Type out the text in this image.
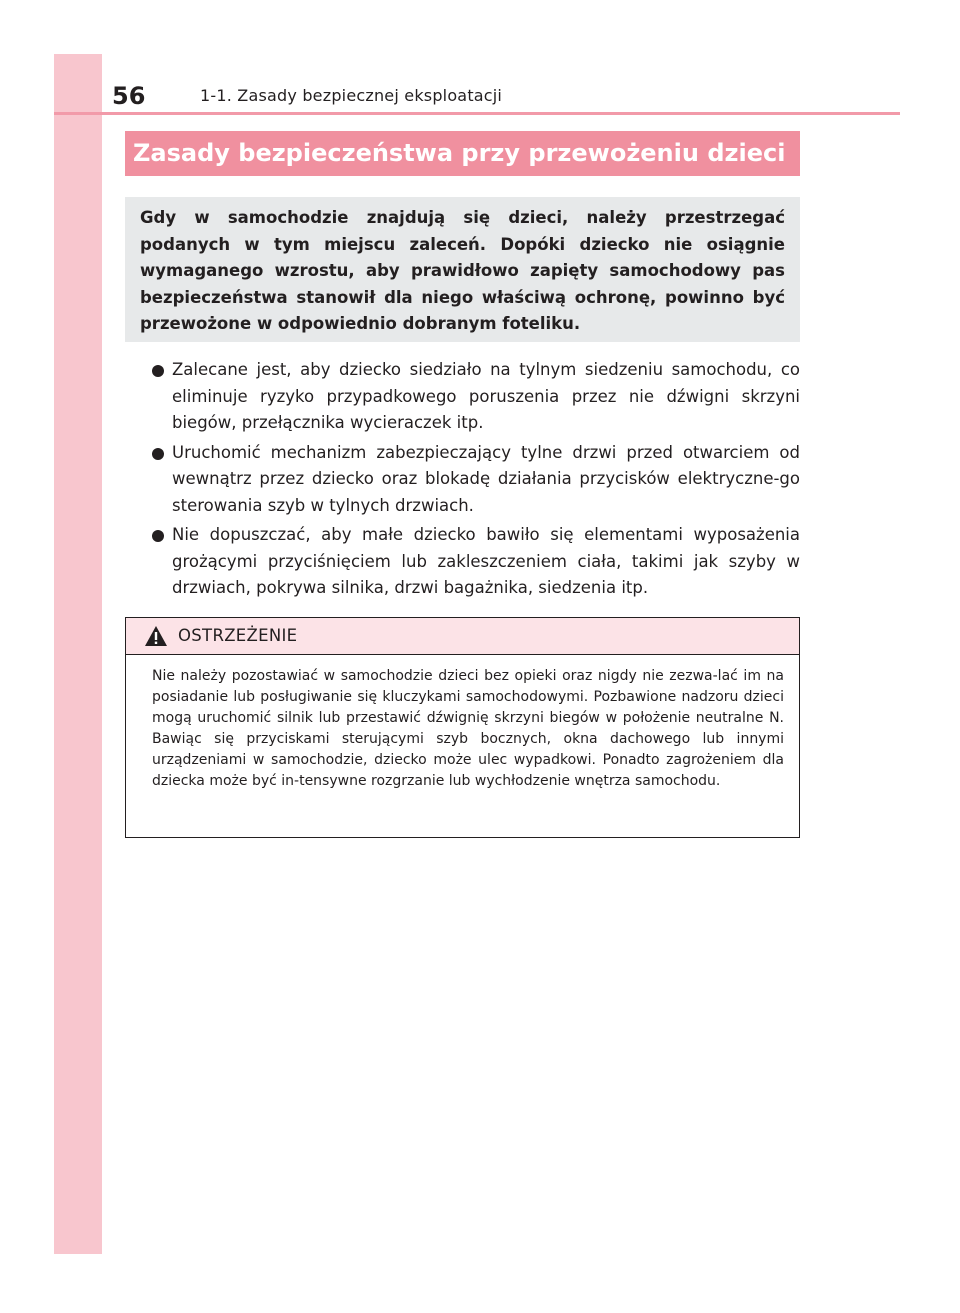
56	1-1. Zasady bezpiecznej eksploatacji
Zasady bezpieczeństwa przy przewożeniu dzieci

Gdy w samochodzie znajdują się dzieci, należy przestrzegać podanych w tym miejscu zaleceń. Dopóki dziecko nie osiągnie wymaganego wzrostu, aby prawidłowo zapięty samochodowy pas bezpieczeństwa stanowił dla niego właściwą ochronę, powinno być przewożone w odpowiednio dobranym foteliku.

Zalecane jest, aby dziecko siedziało na tylnym siedzeniu samochodu, co eliminuje ryzyko przypadkowego poruszenia przez nie dźwigni skrzyni biegów, przełącznika wycieraczek itp.
Uruchomić mechanizm zabezpieczający tylne drzwi przed otwarciem od wewnątrz przez dziecko oraz blokadę działania przycisków elektryczne-go sterowania szyb w tylnych drzwiach.
Nie dopuszczać, aby małe dziecko bawiło się elementami wyposażenia grożącymi przyciśnięciem lub zakleszczeniem ciała, takimi jak szyby w drzwiach, pokrywa silnika, drzwi bagażnika, siedzenia itp.
OSTRZEŻENIE

Nie należy pozostawiać w samochodzie dzieci bez opieki oraz nigdy nie zezwa-lać im na posiadanie lub posługiwanie się kluczykami samochodowymi. Pozbawione nadzoru dzieci mogą uruchomić silnik lub przestawić dźwignię skrzyni biegów w położenie neutralne N. Bawiąc się przyciskami sterującymi szyb bocznych, okna dachowego lub innymi urządzeniami w samochodzie, dziecko może ulec wypadkowi. Ponadto zagrożeniem dla dziecka może być in-tensywne rozgrzanie lub wychłodzenie wnętrza samochodu.
